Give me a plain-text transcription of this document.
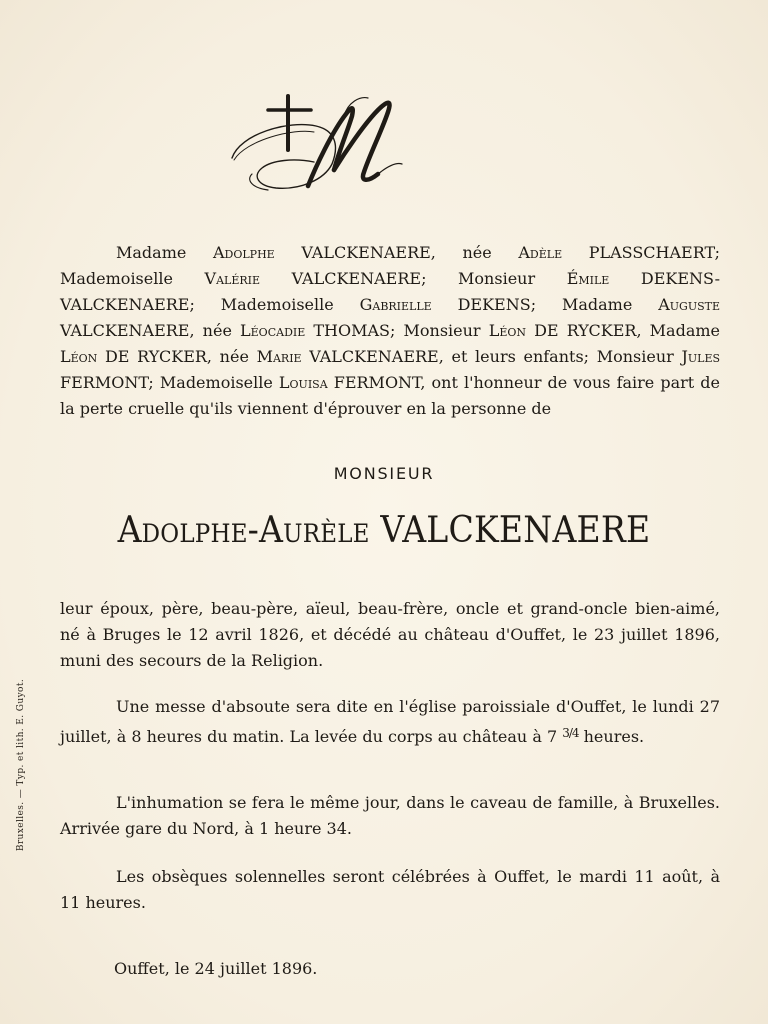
Bruxelles. — Typ. et lith. E. Guyot.

Madame Adolphe VALCKENAERE, née Adèle PLASSCHAERT; Mademoiselle Valérie VALCKENAERE; Monsieur Émile DEKENS-VALCKENAERE; Mademoiselle Gabrielle DEKENS; Madame Auguste VALCKENAERE, née Léocadie THOMAS; Monsieur Léon DE RYCKER, Madame Léon DE RYCKER, née Marie VALCKENAERE, et leurs enfants; Monsieur Jules FERMONT; Mademoiselle Louisa FERMONT, ont l'honneur de vous faire part de la perte cruelle qu'ils viennent d'éprouver en la personne de

MONSIEUR
Adolphe-Aurèle VALCKENAERE

leur époux, père, beau-père, aïeul, beau-frère, oncle et grand-oncle bien-aimé, né à Bruges le 12 avril 1826, et décédé au château d'Ouffet, le 23 juillet 1896, muni des secours de la Religion.

Une messe d'absoute sera dite en l'église paroissiale d'Ouffet, le lundi 27 juillet, à 8 heures du matin. La levée du corps au château à 7 $^{3/4}$ heures.

L'inhumation se fera le même jour, dans le caveau de famille, à Bruxelles. Arrivée gare du Nord, à 1 heure 34.

Les obsèques solennelles seront célébrées à Ouffet, le mardi 11 août, à 11 heures.

Ouffet, le 24 juillet 1896.
